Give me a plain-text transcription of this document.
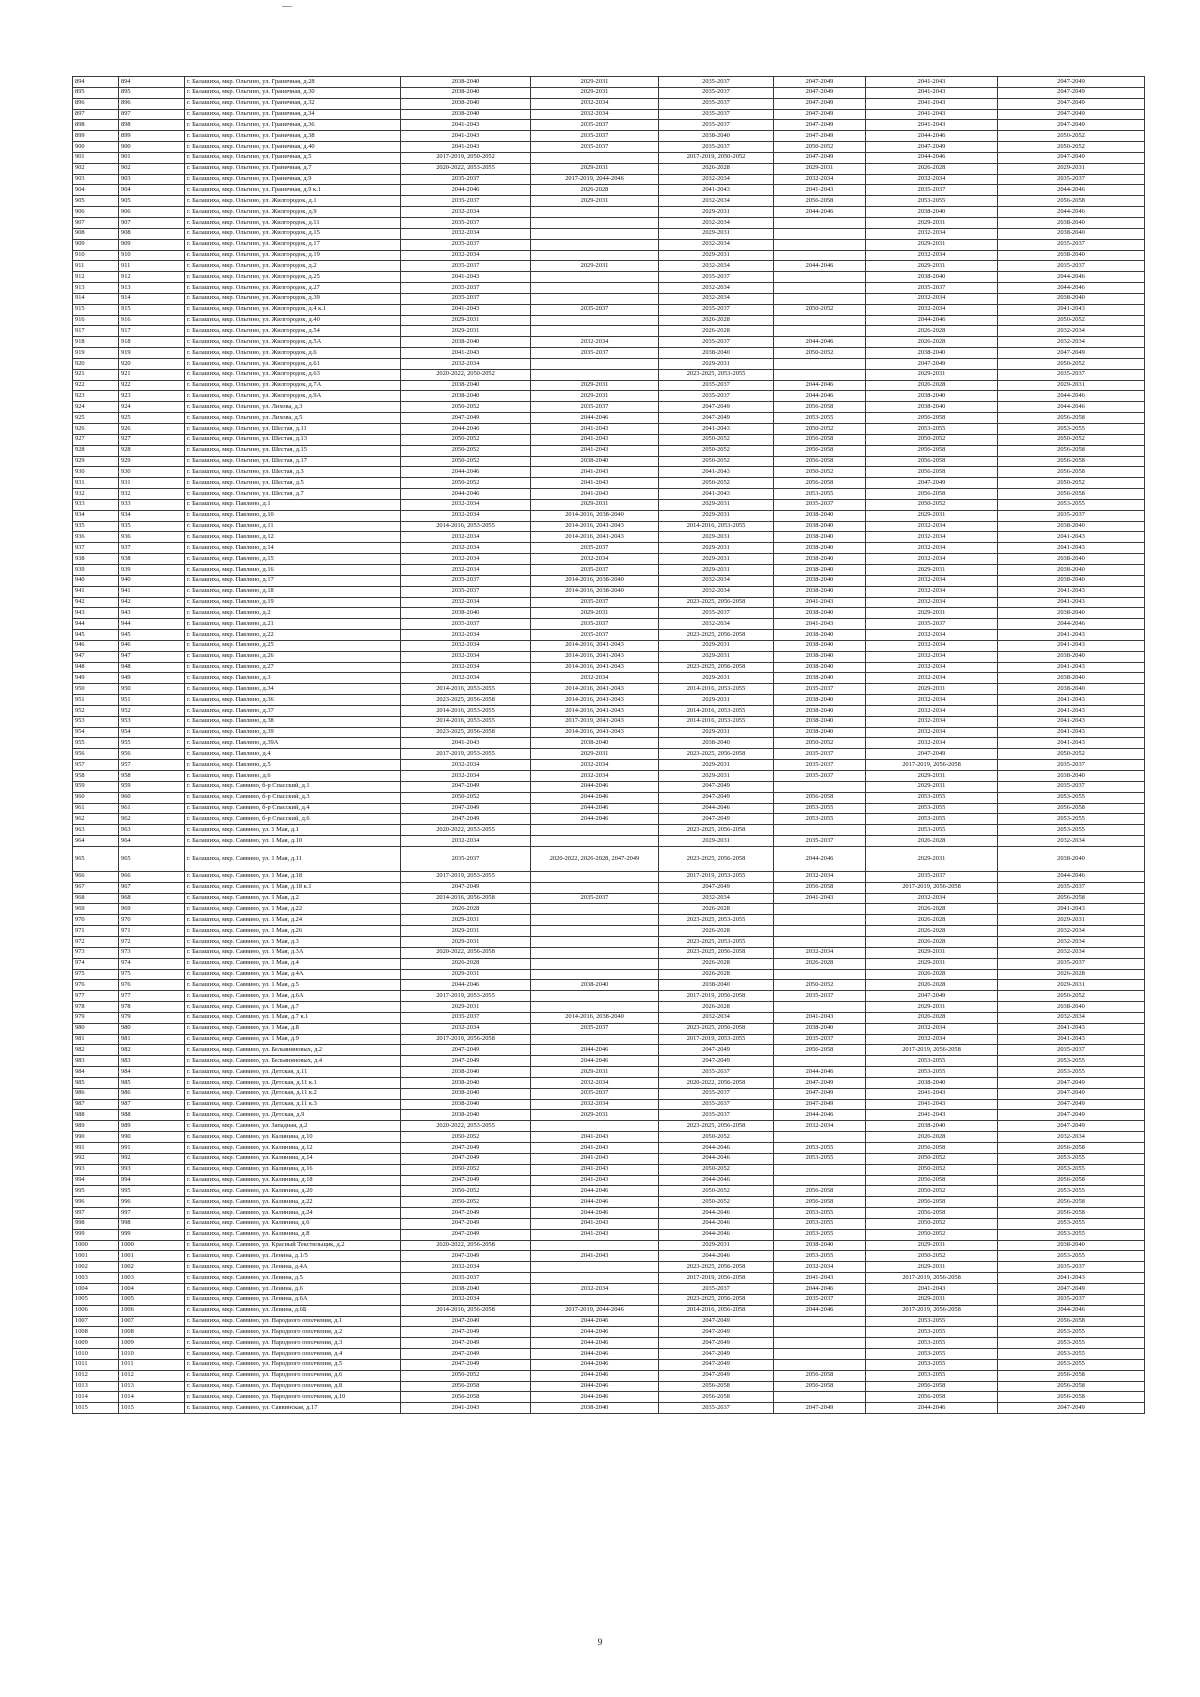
894	894	г. Балашиха, мкр. Ольгино, ул. Граничная, д.28	2038-2040	2029-2031	2035-2037	2047-2049	2041-2043	2047-2049
895	895	г. Балашиха, мкр. Ольгино, ул. Граничная, д.30	2038-2040	2029-2031	2035-2037	2047-2049	2041-2043	2047-2049
896	896	г. Балашиха, мкр. Ольгино, ул. Граничная, д.32	2038-2040	2032-2034	2035-2037	2047-2049	2041-2043	2047-2049
897	897	г. Балашиха, мкр. Ольгино, ул. Граничная, д.34	2038-2040	2032-2034	2035-2037	2047-2049	2041-2043	2047-2049
898	898	г. Балашиха, мкр. Ольгино, ул. Граничная, д.36	2041-2043	2035-2037	2035-2037	2047-2049	2041-2043	2047-2049
899	899	г. Балашиха, мкр. Ольгино, ул. Граничная, д.38	2041-2043	2035-2037	2038-2040	2047-2049	2044-2046	2050-2052
900	900	г. Балашиха, мкр. Ольгино, ул. Граничная, д.40	2041-2043	2035-2037	2035-2037	2050-2052	2047-2049	2050-2052
901	901	г. Балашиха, мкр. Ольгино, ул. Граничная, д.5	2017-2019, 2050-2052		2017-2019, 2050-2052	2047-2049	2044-2046	2047-2049
902	902	г. Балашиха, мкр. Ольгино, ул. Граничная, д.7	2020-2022, 2053-2055	2029-2031	2026-2028	2029-2031	2026-2028	2029-2031
903	903	г. Балашиха, мкр. Ольгино, ул. Граничная, д.9	2035-2037	2017-2019, 2044-2046	2032-2034	2032-2034	2032-2034	2035-2037
904	904	г. Балашиха, мкр. Ольгино, ул. Граничная, д.9 к.1	2044-2046	2026-2028	2041-2043	2041-2043	2035-2037	2044-2046
905	905	г. Балашиха, мкр. Ольгино, ул. Жилгородок, д.1	2035-2037	2029-2031	2032-2034	2056-2058	2053-2055	2056-2058
906	906	г. Балашиха, мкр. Ольгино, ул. Жилгородок, д.9	2032-2034		2029-2031	2044-2046	2038-2040	2044-2046
907	907	г. Балашиха, мкр. Ольгино, ул. Жилгородок, д.11	2035-2037		2032-2034		2029-2031	2038-2040
908	908	г. Балашиха, мкр. Ольгино, ул. Жилгородок, д.15	2032-2034		2029-2031		2032-2034	2038-2040
909	909	г. Балашиха, мкр. Ольгино, ул. Жилгородок, д.17	2035-2037		2032-2034		2029-2031	2035-2037
910	910	г. Балашиха, мкр. Ольгино, ул. Жилгородок, д.19	2032-2034		2029-2031		2032-2034	2038-2040
911	911	г. Балашиха, мкр. Ольгино, ул. Жилгородок, д.2	2035-2037	2029-2031	2032-2034	2044-2046	2029-2031	2035-2037
912	912	г. Балашиха, мкр. Ольгино, ул. Жилгородок, д.25	2041-2043		2035-2037		2038-2040	2044-2046
913	913	г. Балашиха, мкр. Ольгино, ул. Жилгородок, д.27	2035-2037		2032-2034		2035-2037	2044-2046
914	914	г. Балашиха, мкр. Ольгино, ул. Жилгородок, д.39	2035-2037		2032-2034		2032-2034	2038-2040
915	915	г. Балашиха, мкр. Ольгино, ул. Жилгородок, д.4 к.1	2041-2043	2035-2037	2035-2037	2050-2052	2032-2034	2041-2043
916	916	г. Балашиха, мкр. Ольгино, ул. Жилгородок, д.40	2029-2031		2026-2028		2044-2046	2050-2052
917	917	г. Балашиха, мкр. Ольгино, ул. Жилгородок, д.54	2029-2031		2026-2028		2026-2028	2032-2034
918	918	г. Балашиха, мкр. Ольгино, ул. Жилгородок, д.5А	2038-2040	2032-2034	2035-2037	2044-2046	2026-2028	2032-2034
919	919	г. Балашиха, мкр. Ольгино, ул. Жилгородок, д.6	2041-2043	2035-2037	2038-2040	2050-2052	2038-2040	2047-2049
920	920	г. Балашиха, мкр. Ольгино, ул. Жилгородок, д.61	2032-2034		2029-2031		2047-2049	2050-2052
921	921	г. Балашиха, мкр. Ольгино, ул. Жилгородок, д.63	2020-2022, 2050-2052		2023-2025, 2053-2055		2029-2031	2035-2037
922	922	г. Балашиха, мкр. Ольгино, ул. Жилгородок, д.7А	2038-2040	2029-2031	2035-2037	2044-2046	2026-2028	2029-2031
923	923	г. Балашиха, мкр. Ольгино, ул. Жилгородок, д.9А	2038-2040	2029-2031	2035-2037	2044-2046	2038-2040	2044-2046
924	924	г. Балашиха, мкр. Ольгино, ул. Лихова, д.3	2050-2052	2035-2037	2047-2049	2056-2058	2038-2040	2044-2046
925	925	г. Балашиха, мкр. Ольгино, ул. Лихова, д.5	2047-2049	2044-2046	2047-2049	2053-2055	2056-2058	2056-2058
926	926	г. Балашиха, мкр. Ольгино, ул. Шестая, д.11	2044-2046	2041-2043	2041-2043	2050-2052	2053-2055	2053-2055
927	927	г. Балашиха, мкр. Ольгино, ул. Шестая, д.13	2050-2052	2041-2043	2050-2052	2056-2058	2050-2052	2050-2052
928	928	г. Балашиха, мкр. Ольгино, ул. Шестая, д.15	2050-2052	2041-2043	2050-2052	2056-2058	2056-2058	2056-2058
929	929	г. Балашиха, мкр. Ольгино, ул. Шестая, д.17	2050-2052	2038-2040	2050-2052	2056-2058	2056-2058	2056-2058
930	930	г. Балашиха, мкр. Ольгино, ул. Шестая, д.3	2044-2046	2041-2043	2041-2043	2050-2052	2056-2058	2056-2058
931	931	г. Балашиха, мкр. Ольгино, ул. Шестая, д.5	2050-2052	2041-2043	2050-2052	2056-2058	2047-2049	2050-2052
932	932	г. Балашиха, мкр. Ольгино, ул. Шестая, д.7	2044-2046	2041-2043	2041-2043	2053-2055	2056-2058	2056-2058
933	933	г. Балашиха, мкр. Павлино, д.1	2032-2034	2029-2031	2029-2031	2035-2037	2050-2052	2053-2055
934	934	г. Балашиха, мкр. Павлино, д.10	2032-2034	2014-2016, 2038-2040	2029-2031	2038-2040	2029-2031	2035-2037
935	935	г. Балашиха, мкр. Павлино, д.11	2014-2016, 2053-2055	2014-2016, 2041-2043	2014-2016, 2053-2055	2038-2040	2032-2034	2038-2040
936	936	г. Балашиха, мкр. Павлино, д.12	2032-2034	2014-2016, 2041-2043	2029-2031	2038-2040	2032-2034	2041-2043
937	937	г. Балашиха, мкр. Павлино, д.14	2032-2034	2035-2037	2029-2031	2038-2040	2032-2034	2041-2043
938	938	г. Балашиха, мкр. Павлино, д.15	2032-2034	2032-2034	2029-2031	2038-2040	2032-2034	2038-2040
939	939	г. Балашиха, мкр. Павлино, д.16	2032-2034	2035-2037	2029-2031	2038-2040	2029-2031	2038-2040
940	940	г. Балашиха, мкр. Павлино, д.17	2035-2037	2014-2016, 2038-2040	2032-2034	2038-2040	2032-2034	2038-2040
941	941	г. Балашиха, мкр. Павлино, д.18	2035-2037	2014-2016, 2038-2040	2032-2034	2038-2040	2032-2034	2041-2043
942	942	г. Балашиха, мкр. Павлино, д.19	2032-2034	2035-2037	2023-2025, 2056-2058	2041-2043	2032-2034	2041-2043
943	943	г. Балашиха, мкр. Павлино, д.2	2038-2040	2029-2031	2035-2037	2038-2040	2029-2031	2038-2040
944	944	г. Балашиха, мкр. Павлино, д.21	2035-2037	2035-2037	2032-2034	2041-2043	2035-2037	2044-2046
945	945	г. Балашиха, мкр. Павлино, д.22	2032-2034	2035-2037	2023-2025, 2056-2058	2038-2040	2032-2034	2041-2043
946	946	г. Балашиха, мкр. Павлино, д.25	2032-2034	2014-2016, 2041-2043	2029-2031	2038-2040	2032-2034	2041-2043
947	947	г. Балашиха, мкр. Павлино, д.26	2032-2034	2014-2016, 2041-2043	2029-2031	2038-2040	2032-2034	2038-2040
948	948	г. Балашиха, мкр. Павлино, д.27	2032-2034	2014-2016, 2041-2043	2023-2025, 2056-2058	2038-2040	2032-2034	2041-2043
949	949	г. Балашиха, мкр. Павлино, д.3	2032-2034	2032-2034	2029-2031	2038-2040	2032-2034	2038-2040
950	950	г. Балашиха, мкр. Павлино, д.34	2014-2016, 2053-2055	2014-2016, 2041-2043	2014-2016, 2053-2055	2035-2037	2029-2031	2038-2040
951	951	г. Балашиха, мкр. Павлино, д.36	2023-2025, 2056-2058	2014-2016, 2041-2043	2029-2031	2038-2040	2032-2034	2041-2043
952	952	г. Балашиха, мкр. Павлино, д.37	2014-2016, 2053-2055	2014-2016, 2041-2043	2014-2016, 2053-2055	2038-2040	2032-2034	2041-2043
953	953	г. Балашиха, мкр. Павлино, д.38	2014-2016, 2053-2055	2017-2019, 2041-2043	2014-2016, 2053-2055	2038-2040	2032-2034	2041-2043
954	954	г. Балашиха, мкр. Павлино, д.39	2023-2025, 2056-2058	2014-2016, 2041-2043	2029-2031	2038-2040	2032-2034	2041-2043
955	955	г. Балашиха, мкр. Павлино, д.39А	2041-2043	2038-2040	2038-2040	2050-2052	2032-2034	2041-2043
956	956	г. Балашиха, мкр. Павлино, д.4	2017-2019, 2053-2055	2029-2031	2023-2025, 2056-2058	2035-2037	2047-2049	2050-2052
957	957	г. Балашиха, мкр. Павлино, д.5	2032-2034	2032-2034	2029-2031	2035-2037	2017-2019, 2056-2058	2035-2037
958	958	г. Балашиха, мкр. Павлино, д.6	2032-2034	2032-2034	2029-2031	2035-2037	2029-2031	2038-2040
959	959	г. Балашиха, мкр. Саввино, б-р Спасский, д.1	2047-2049	2044-2046	2047-2049		2029-2031	2035-2037
960	960	г. Балашиха, мкр. Саввино, б-р Спасский, д.3	2050-2052	2044-2046	2047-2049	2056-2058	2053-2055	2053-2055
961	961	г. Балашиха, мкр. Саввино, б-р Спасский, д.4	2047-2049	2044-2046	2044-2046	2053-2055	2053-2055	2056-2058
962	962	г. Балашиха, мкр. Саввино, б-р Спасский, д.6	2047-2049	2044-2046	2047-2049	2053-2055	2053-2055	2053-2055
963	963	г. Балашиха, мкр. Саввино, ул. 1 Мая, д.1	2020-2022, 2053-2055		2023-2025, 2056-2058		2053-2055	2053-2055
964	964	г. Балашиха, мкр. Саввино, ул. 1 Мая, д.10	2032-2034		2029-2031	2035-2037	2026-2028	2032-2034
965	965	г. Балашиха, мкр. Саввино, ул. 1 Мая, д.11	2035-2037	2020-2022, 2026-2028, 2047-2049	2023-2025, 2056-2058	2044-2046	2029-2031	2038-2040
966	966	г. Балашиха, мкр. Саввино, ул. 1 Мая, д.18	2017-2019, 2053-2055		2017-2019, 2053-2055	2032-2034	2035-2037	2044-2046
967	967	г. Балашиха, мкр. Саввино, ул. 1 Мая, д.18 к.1	2047-2049		2047-2049	2056-2058	2017-2019, 2056-2058	2035-2037
968	968	г. Балашиха, мкр. Саввино, ул. 1 Мая, д.2	2014-2016, 2056-2058	2035-2037	2032-2034	2041-2043	2032-2034	2056-2058
969	969	г. Балашиха, мкр. Саввино, ул. 1 Мая, д.22	2026-2028		2026-2028		2026-2028	2041-2043
970	970	г. Балашиха, мкр. Саввино, ул. 1 Мая, д.24	2029-2031		2023-2025, 2053-2055		2026-2028	2029-2031
971	971	г. Балашиха, мкр. Саввино, ул. 1 Мая, д.26	2029-2031		2026-2028		2026-2028	2032-2034
972	972	г. Балашиха, мкр. Саввино, ул. 1 Мая, д.3	2029-2031		2023-2025, 2053-2055		2026-2028	2032-2034
973	973	г. Балашиха, мкр. Саввино, ул. 1 Мая, д.3А	2020-2022, 2056-2058		2023-2025, 2056-2058	2032-2034	2029-2031	2032-2034
974	974	г. Балашиха, мкр. Саввино, ул. 1 Мая, д.4	2026-2028		2026-2028	2026-2028	2029-2031	2035-2037
975	975	г. Балашиха, мкр. Саввино, ул. 1 Мая, д.4А	2029-2031		2026-2028		2026-2028	2026-2028
976	976	г. Балашиха, мкр. Саввино, ул. 1 Мая, д.5	2044-2046	2038-2040	2038-2040	2050-2052	2026-2028	2029-2031
977	977	г. Балашиха, мкр. Саввино, ул. 1 Мая, д.6А	2017-2019, 2053-2055		2017-2019, 2056-2058	2035-2037	2047-2049	2050-2052
978	978	г. Балашиха, мкр. Саввино, ул. 1 Мая, д.7	2029-2031		2026-2028		2029-2031	2038-2040
979	979	г. Балашиха, мкр. Саввино, ул. 1 Мая, д.7 к.1	2035-2037	2014-2016, 2038-2040	2032-2034	2041-2043	2026-2028	2032-2034
980	980	г. Балашиха, мкр. Саввино, ул. 1 Мая, д.8	2032-2034	2035-2037	2023-2025, 2056-2058	2038-2040	2032-2034	2041-2043
981	981	г. Балашиха, мкр. Саввино, ул. 1 Мая, д.9	2017-2019, 2056-2058		2017-2019, 2053-2055	2035-2037	2032-2034	2041-2043
982	982	г. Балашиха, мкр. Саввино, ул. Бельяниновых, д.2	2047-2049	2044-2046	2047-2049	2056-2058	2017-2019, 2056-2058	2035-2037
983	983	г. Балашиха, мкр. Саввино, ул. Бельяниновых, д.4	2047-2049	2044-2046	2047-2049		2053-2055	2053-2055
984	984	г. Балашиха, мкр. Саввино, ул. Детская, д.11	2038-2040	2029-2031	2035-2037	2044-2046	2053-2055	2053-2055
985	985	г. Балашиха, мкр. Саввино, ул. Детская, д.11 к.1	2038-2040	2032-2034	2020-2022, 2056-2058	2047-2049	2038-2040	2047-2049
986	986	г. Балашиха, мкр. Саввино, ул. Детская, д.11 к.2	2038-2040	2035-2037	2035-2037	2047-2049	2041-2043	2047-2049
987	987	г. Балашиха, мкр. Саввино, ул. Детская, д.11 к.3	2038-2040	2032-2034	2035-2037	2047-2049	2041-2043	2047-2049
988	988	г. Балашиха, мкр. Саввино, ул. Детская, д.9	2038-2040	2029-2031	2035-2037	2044-2046	2041-2043	2047-2049
989	989	г. Балашиха, мкр. Саввино, ул. Западная, д.2	2020-2022, 2053-2055		2023-2025, 2056-2058	2032-2034	2038-2040	2047-2049
990	990	г. Балашиха, мкр. Саввино, ул. Калинина, д.10	2050-2052	2041-2043	2050-2052		2026-2028	2032-2034
991	991	г. Балашиха, мкр. Саввино, ул. Калинина, д.12	2047-2049	2041-2043	2044-2046	2053-2055	2056-2058	2056-2058
992	992	г. Балашиха, мкр. Саввино, ул. Калинина, д.14	2047-2049	2041-2043	2044-2046	2053-2055	2050-2052	2053-2055
993	993	г. Балашиха, мкр. Саввино, ул. Калинина, д.16	2050-2052	2041-2043	2050-2052		2050-2052	2053-2055
994	994	г. Балашиха, мкр. Саввино, ул. Калинина, д.18	2047-2049	2041-2043	2044-2046		2056-2058	2056-2058
995	995	г. Балашиха, мкр. Саввино, ул. Калинина, д.20	2050-2052	2044-2046	2050-2052	2056-2058	2050-2052	2053-2055
996	996	г. Балашиха, мкр. Саввино, ул. Калинина, д.22	2050-2052	2044-2046	2050-2052	2056-2058	2056-2058	2056-2058
997	997	г. Балашиха, мкр. Саввино, ул. Калинина, д.24	2047-2049	2044-2046	2044-2046	2053-2055	2056-2058	2056-2058
998	998	г. Балашиха, мкр. Саввино, ул. Калинина, д.6	2047-2049	2041-2043	2044-2046	2053-2055	2050-2052	2053-2055
999	999	г. Балашиха, мкр. Саввино, ул. Калинина, д.8	2047-2049	2041-2043	2044-2046	2053-2055	2050-2052	2053-2055
1000	1000	г. Балашиха, мкр. Саввино, ул. Красный Текстильщик, д.2	2020-2022, 2056-2058		2029-2031	2038-2040	2029-2031	2038-2040
1001	1001	г. Балашиха, мкр. Саввино, ул. Ленина, д.1/5	2047-2049	2041-2043	2044-2046	2053-2055	2050-2052	2053-2055
1002	1002	г. Балашиха, мкр. Саввино, ул. Ленина, д.4А	2032-2034		2023-2025, 2056-2058	2032-2034	2029-2031	2035-2037
1003	1003	г. Балашиха, мкр. Саввино, ул. Ленина, д.5	2035-2037		2017-2019, 2056-2058	2041-2043	2017-2019, 2056-2058	2041-2043
1004	1004	г. Балашиха, мкр. Саввино, ул. Ленина, д.6	2038-2040	2032-2034	2035-2037	2044-2046	2041-2043	2047-2049
1005	1005	г. Балашиха, мкр. Саввино, ул. Ленина, д.6А	2032-2034		2023-2025, 2056-2058	2035-2037	2029-2031	2035-2037
1006	1006	г. Балашиха, мкр. Саввино, ул. Ленина, д.6Б	2014-2016, 2056-2058	2017-2019, 2044-2046	2014-2016, 2056-2058	2044-2046	2017-2019, 2056-2058	2044-2046
1007	1007	г. Балашиха, мкр. Саввино, ул. Народного ополчения, д.1	2047-2049	2044-2046	2047-2049		2053-2055	2056-2058
1008	1008	г. Балашиха, мкр. Саввино, ул. Народного ополчения, д.2	2047-2049	2044-2046	2047-2049		2053-2055	2053-2055
1009	1009	г. Балашиха, мкр. Саввино, ул. Народного ополчения, д.3	2047-2049	2044-2046	2047-2049		2053-2055	2053-2055
1010	1010	г. Балашиха, мкр. Саввино, ул. Народного ополчения, д.4	2047-2049	2044-2046	2047-2049		2053-2055	2053-2055
1011	1011	г. Балашиха, мкр. Саввино, ул. Народного ополчения, д.5	2047-2049	2044-2046	2047-2049		2053-2055	2053-2055
1012	1012	г. Балашиха, мкр. Саввино, ул. Народного ополчения, д.6	2050-2052	2044-2046	2047-2049	2056-2058	2053-2055	2056-2058
1013	1013	г. Балашиха, мкр. Саввино, ул. Народного ополчения, д.8	2056-2058	2044-2046	2056-2058	2056-2058	2056-2058	2056-2058
1014	1014	г. Балашиха, мкр. Саввино, ул. Народного ополчения, д.10	2056-2058	2044-2046	2056-2058		2056-2058	2056-2058
1015	1015	г. Балашиха, мкр. Саввино, ул. Саввинская, д.17	2041-2043	2038-2040	2035-2037	2047-2049	2044-2046	2047-2049
9
